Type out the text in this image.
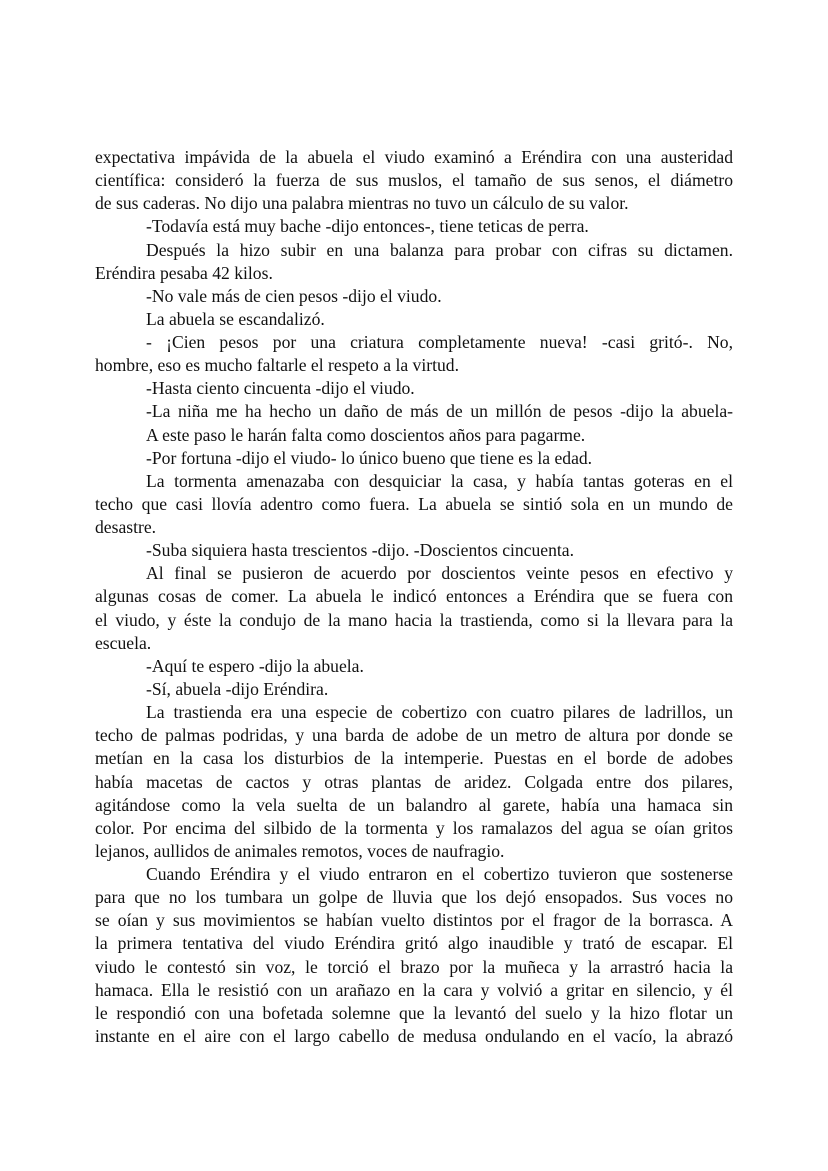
expectativa impávida de la abuela el viudo examinó a Eréndira con una austeridad
científica: consideró la fuerza de sus muslos, el tamaño de sus senos, el diámetro
de sus caderas. No dijo una palabra mientras no tuvo un cálculo de su valor.
-Todavía está muy bache -dijo entonces-, tiene teticas de perra.
Después la hizo subir en una balanza para probar con cifras su dictamen.
Eréndira pesaba 42 kilos.
-No vale más de cien pesos -dijo el viudo.
La abuela se escandalizó.
- ¡Cien pesos por una criatura completamente nueva! -casi gritó-. No,
hombre, eso es mucho faltarle el respeto a la virtud.
-Hasta ciento cincuenta -dijo el viudo.
-La niña me ha hecho un daño de más de un millón de pesos -dijo la abuela-
A este paso le harán falta como doscientos años para pagarme.
-Por fortuna -dijo el viudo- lo único bueno que tiene es la edad.
La tormenta amenazaba con desquiciar la casa, y había tantas goteras en el
techo que casi llovía adentro como fuera. La abuela se sintió sola en un mundo de
desastre.
-Suba siquiera hasta trescientos -dijo. -Doscientos cincuenta.
Al final se pusieron de acuerdo por doscientos veinte pesos en efectivo y
algunas cosas de comer. La abuela le indicó entonces a Eréndira que se fuera con
el viudo, y éste la condujo de la mano hacia la trastienda, como si la llevara para la
escuela.
-Aquí te espero -dijo la abuela.
-Sí, abuela -dijo Eréndira.
La trastienda era una especie de cobertizo con cuatro pilares de ladrillos, un
techo de palmas podridas, y una barda de adobe de un metro de altura por donde se
metían en la casa los disturbios de la intemperie. Puestas en el borde de adobes
había macetas de cactos y otras plantas de aridez. Colgada entre dos pilares,
agitándose como la vela suelta de un balandro al garete, había una hamaca sin
color. Por encima del silbido de la tormenta y los ramalazos del agua se oían gritos
lejanos, aullidos de animales remotos, voces de naufragio.
Cuando Eréndira y el viudo entraron en el cobertizo tuvieron que sostenerse
para que no los tumbara un golpe de lluvia que los dejó ensopados. Sus voces no
se oían y sus movimientos se habían vuelto distintos por el fragor de la borrasca. A
la primera tentativa del viudo Eréndira gritó algo inaudible y trató de escapar. El
viudo le contestó sin voz, le torció el brazo por la muñeca y la arrastró hacia la
hamaca. Ella le resistió con un arañazo en la cara y volvió a gritar en silencio, y él
le respondió con una bofetada solemne que la levantó del suelo y la hizo flotar un
instante en el aire con el largo cabello de medusa ondulando en el vacío, la abrazó
